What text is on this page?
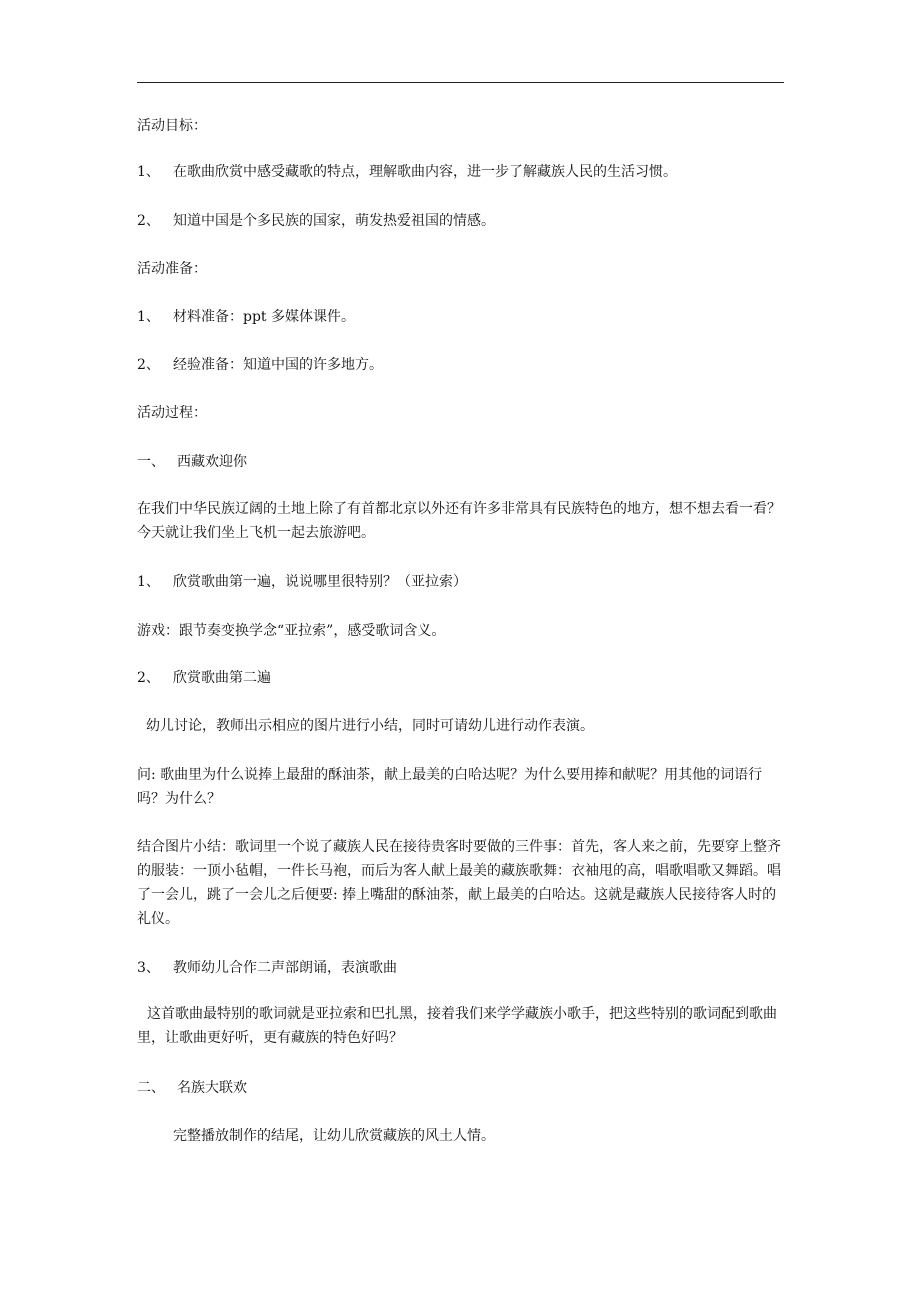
活动目标：
1、 在歌曲欣赏中感受藏歌的特点，理解歌曲内容，进一步了解藏族人民的生活习惯。
2、 知道中国是个多民族的国家，萌发热爱祖国的情感。
活动准备：
1、 材料准备：ppt 多媒体课件。
2、 经验准备：知道中国的许多地方。
活动过程：
一、 西藏欢迎你
在我们中华民族辽阔的土地上除了有首都北京以外还有许多非常具有民族特色的地方，想不想去看一看？今天就让我们坐上飞机一起去旅游吧。
1、 欣赏歌曲第一遍，说说哪里很特别？（亚拉索）
游戏：跟节奏变换学念“亚拉索”，感受歌词含义。
2、 欣赏歌曲第二遍
幼儿讨论，教师出示相应的图片进行小结，同时可请幼儿进行动作表演。
问: 歌曲里为什么说捧上最甜的酥油茶，献上最美的白哈达呢？为什么要用捧和献呢？用其他的词语行吗？为什么？
结合图片小结：歌词里一个说了藏族人民在接待贵客时要做的三件事：首先，客人来之前，先要穿上整齐的服装：一顶小毡帽，一件长马袍，而后为客人献上最美的藏族歌舞：衣袖甩的高，唱歌唱歌又舞蹈。唱了一会儿，跳了一会儿之后便要: 捧上嘴甜的酥油茶，献上最美的白哈达。这就是藏族人民接待客人时的礼仪。
3、 教师幼儿合作二声部朗诵，表演歌曲
这首歌曲最特别的歌词就是亚拉索和巴扎黑，接着我们来学学藏族小歌手，把这些特别的歌词配到歌曲里，让歌曲更好听，更有藏族的特色好吗？
二、 名族大联欢
完整播放制作的结尾，让幼儿欣赏藏族的风土人情。
